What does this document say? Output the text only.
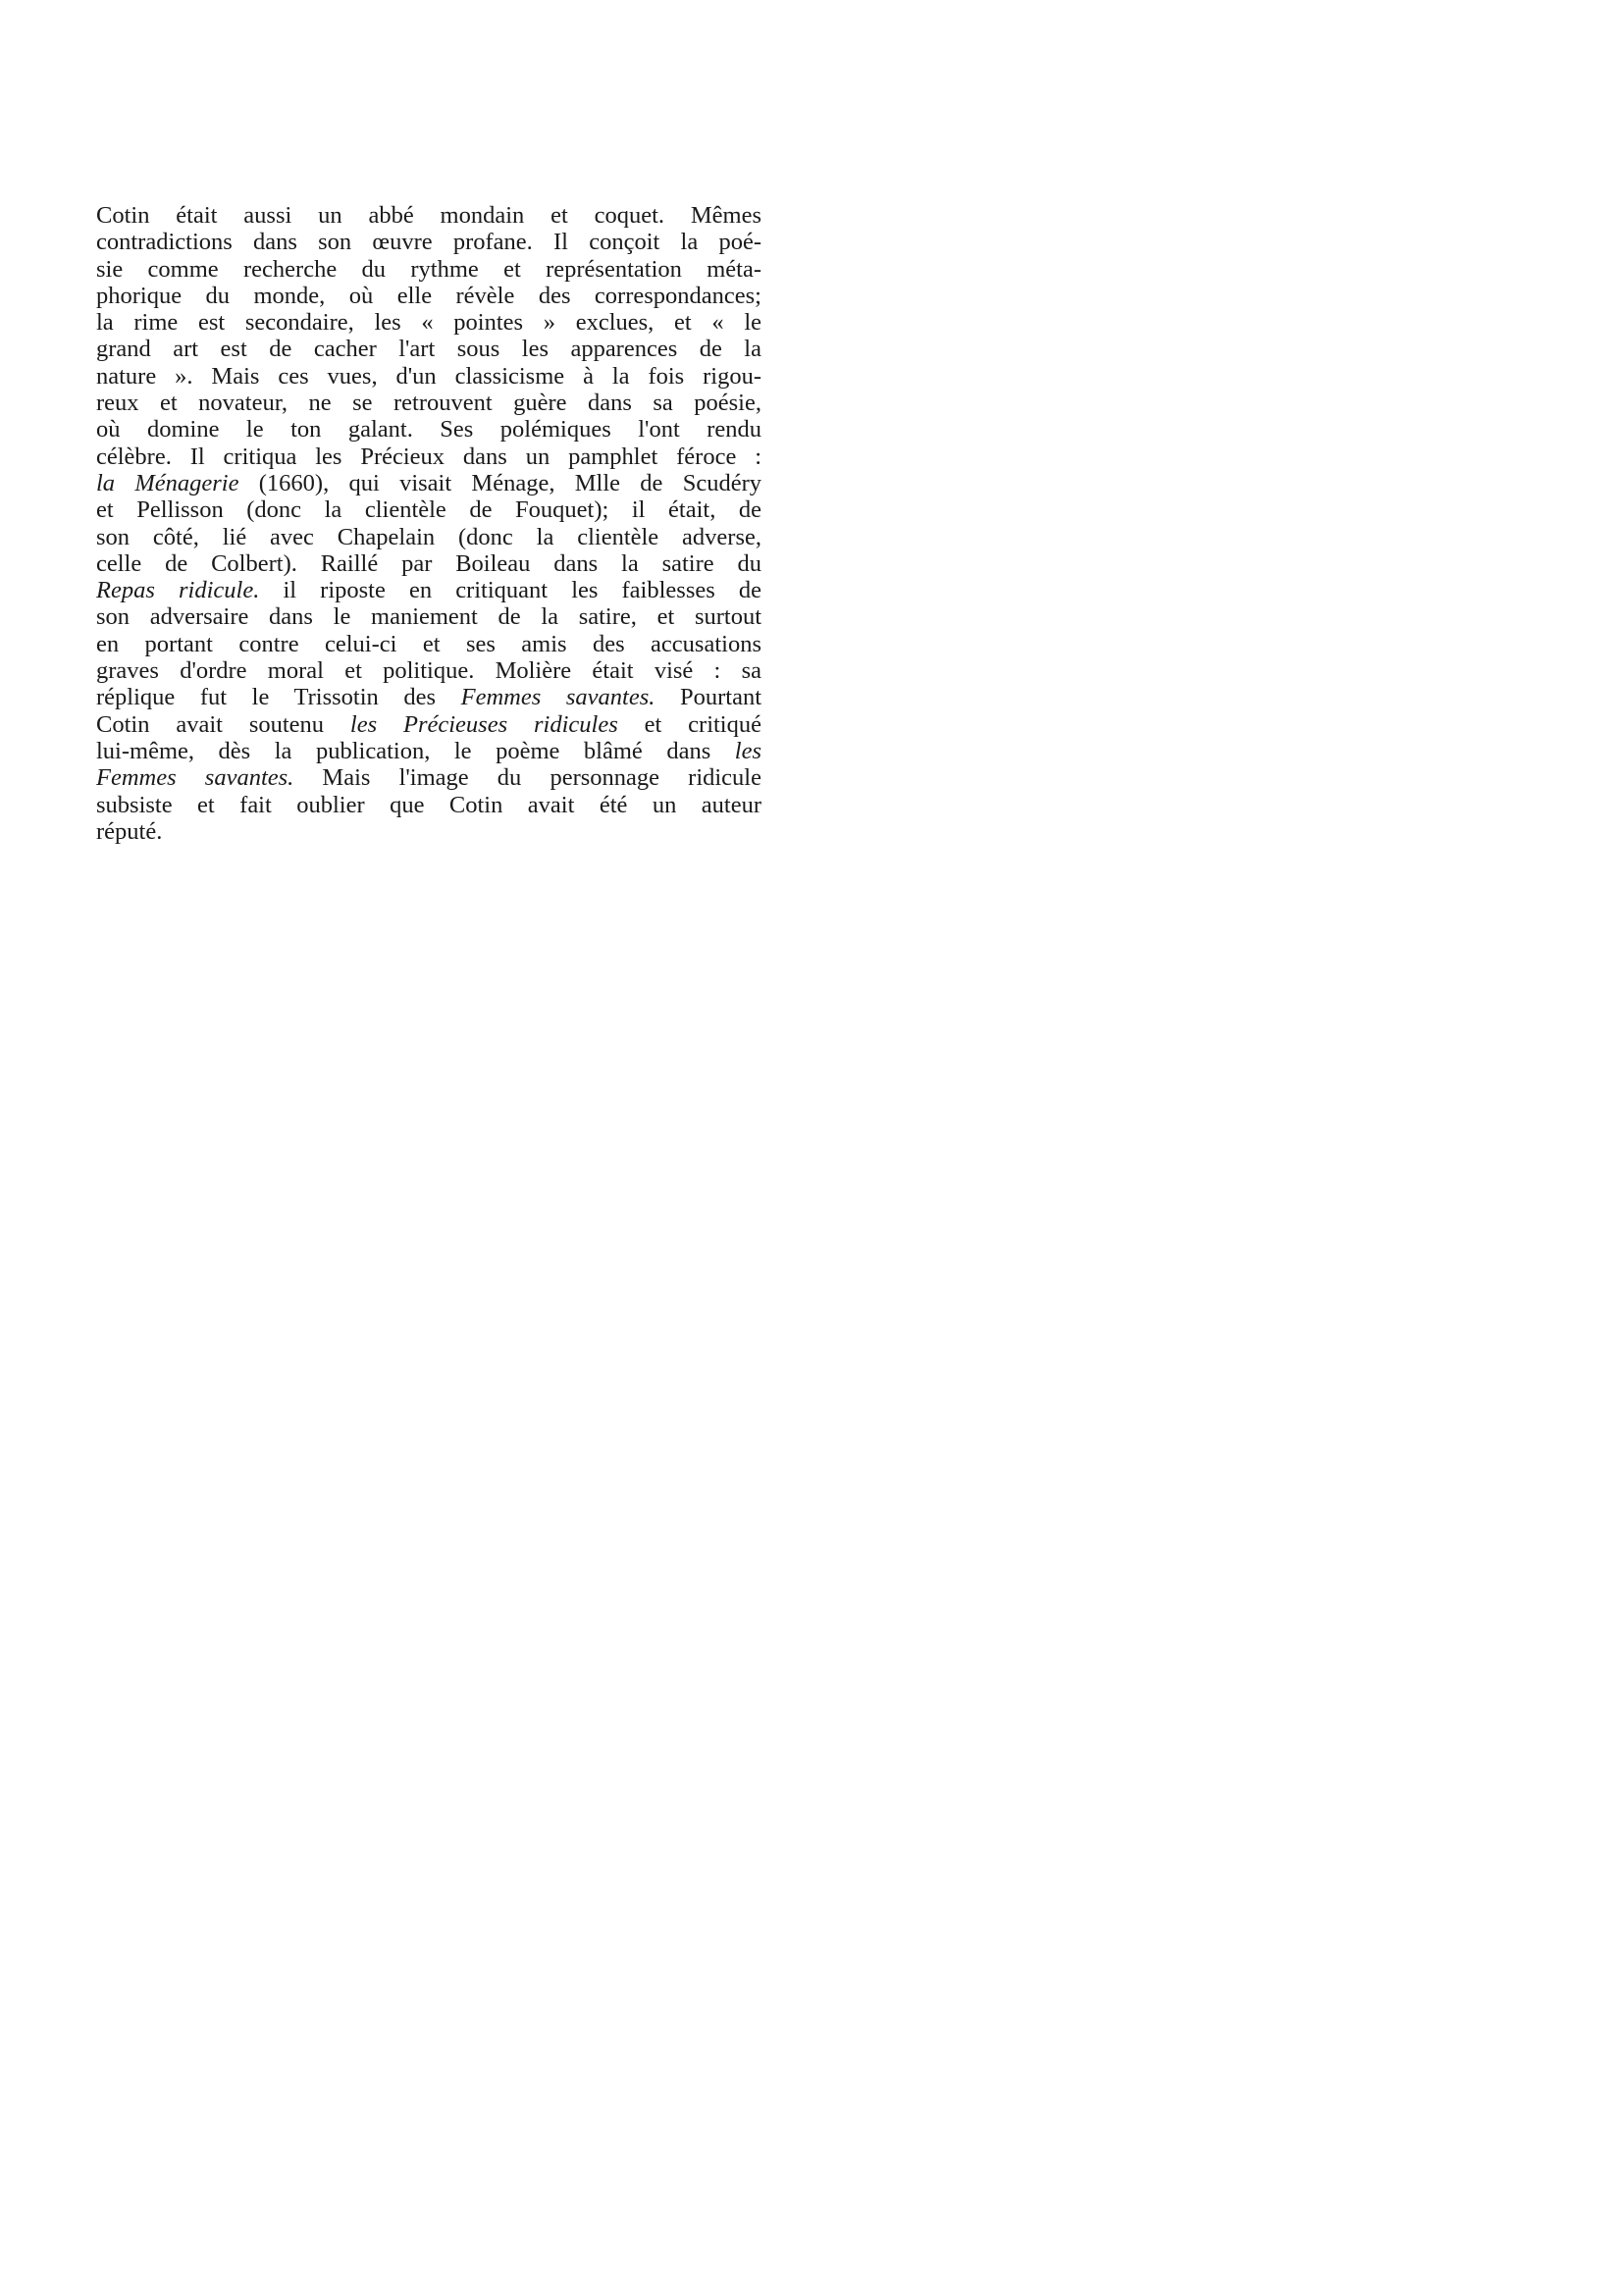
Cotin était aussi un abbé mondain et coquet. Mêmes
contradictions dans son œuvre profane. Il conçoit la poé-
sie comme recherche du rythme et représentation méta-
phorique du monde, où elle révèle des correspondances;
la rime est secondaire, les « pointes » exclues, et « le
grand art est de cacher l'art sous les apparences de la
nature ». Mais ces vues, d'un classicisme à la fois rigou-
reux et novateur, ne se retrouvent guère dans sa poésie,
où domine le ton galant. Ses polémiques l'ont rendu
célèbre. Il critiqua les Précieux dans un pamphlet féroce :
la Ménagerie (1660), qui visait Ménage, Mlle de Scudéry
et Pellisson (donc la clientèle de Fouquet); il était, de
son côté, lié avec Chapelain (donc la clientèle adverse,
celle de Colbert). Raillé par Boileau dans la satire du
Repas ridicule. il riposte en critiquant les faiblesses de
son adversaire dans le maniement de la satire, et surtout
en portant contre celui-ci et ses amis des accusations
graves d'ordre moral et politique. Molière était visé : sa
réplique fut le Trissotin des Femmes savantes. Pourtant
Cotin avait soutenu les Précieuses ridicules et critiqué
lui-même, dès la publication, le poème blâmé dans les
Femmes savantes. Mais l'image du personnage ridicule
subsiste et fait oublier que Cotin avait été un auteur
réputé.
